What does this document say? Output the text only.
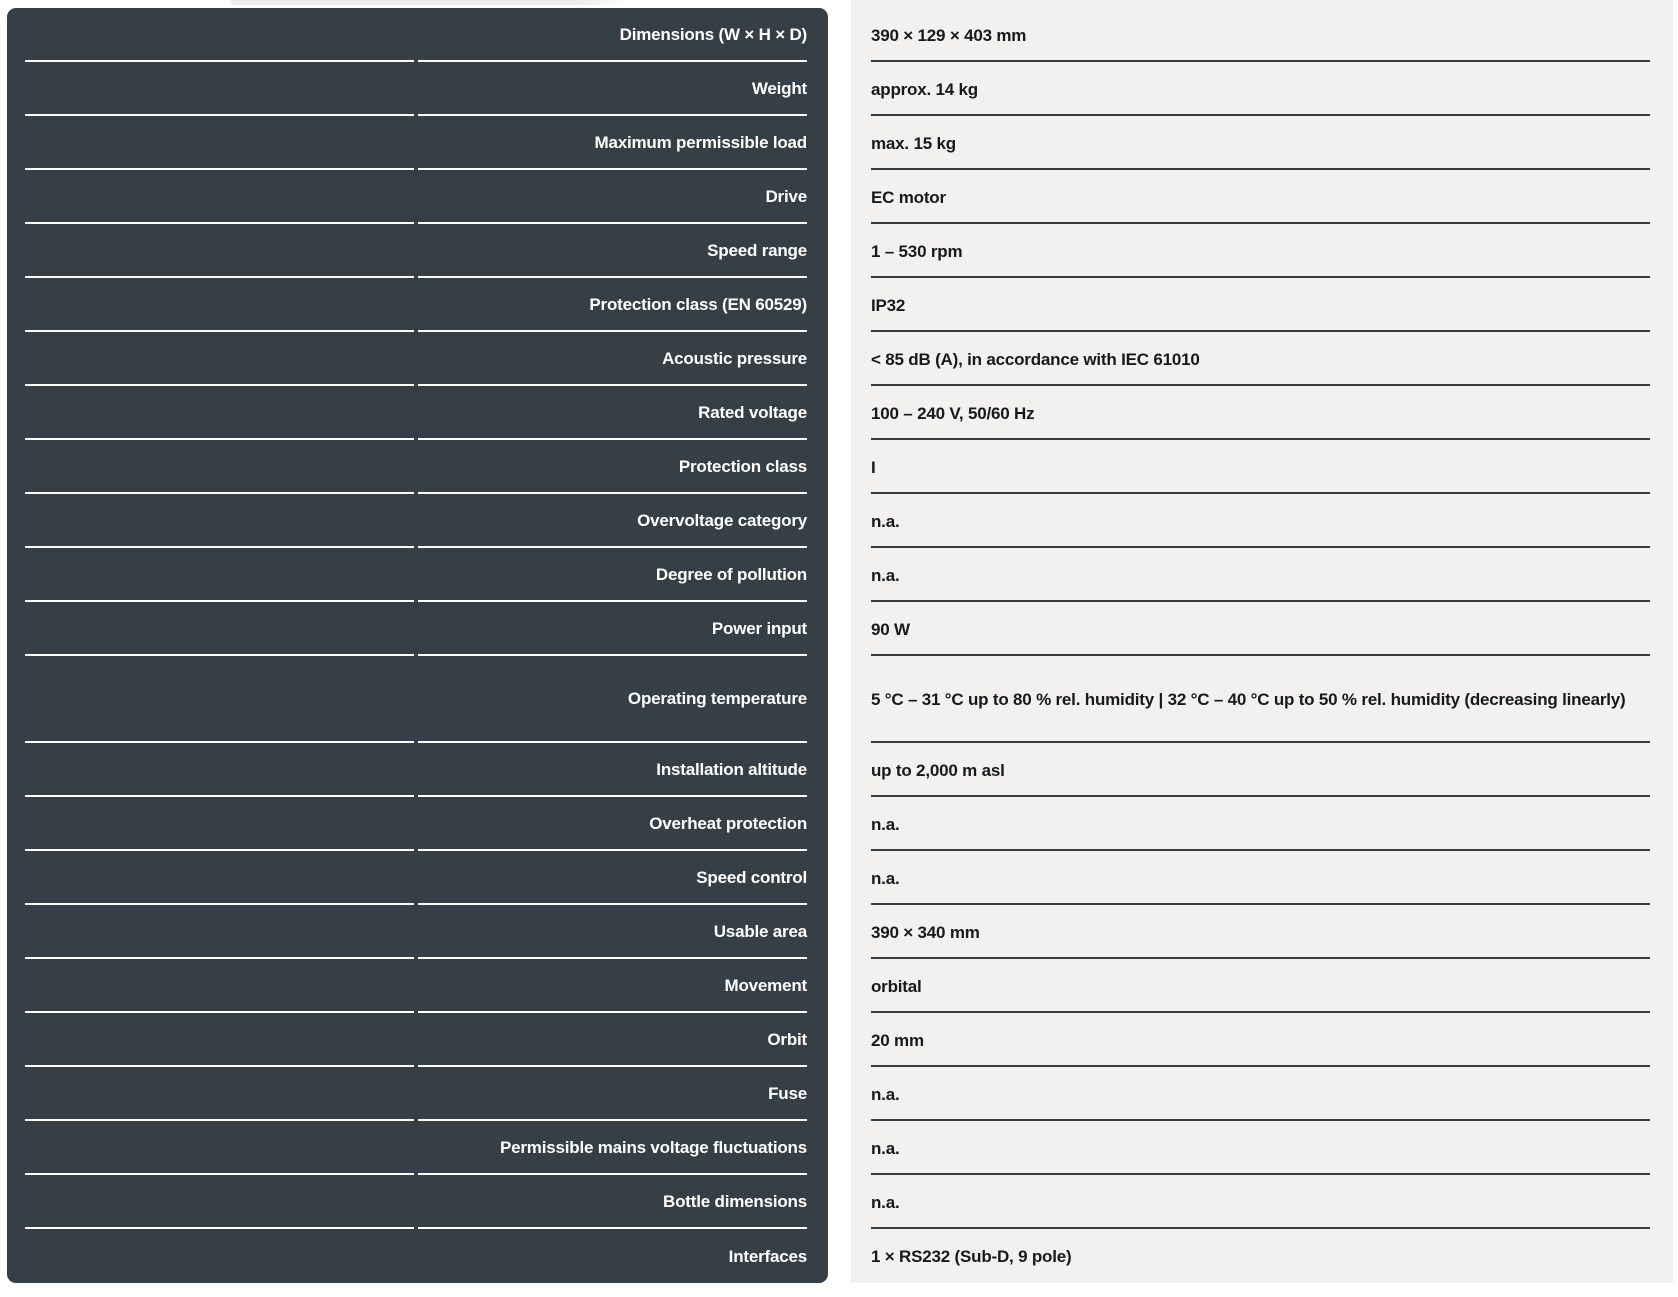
Dimensions (W × H × D)
Weight
Maximum permissible load
Drive
Speed range
Protection class (EN 60529)
Acoustic pressure
Rated voltage
Protection class
Overvoltage category
Degree of pollution
Power input
Operating temperature
Installation altitude
Overheat protection
Speed control
Usable area
Movement
Orbit
Fuse
Permissible mains voltage fluctuations
Bottle dimensions
Interfaces
390 × 129 × 403 mm
approx. 14 kg
max. 15 kg
EC motor
1 – 530 rpm
IP32
< 85 dB (A), in accordance with IEC 61010
100 – 240 V, 50/60 Hz
I
n.a.
n.a.
90 W
5 °C – 31 °C up to 80 % rel. humidity | 32 °C – 40 °C up to 50 % rel. humidity (decreasing linearly)
up to 2,000 m asl
n.a.
n.a.
390 × 340 mm
orbital
20 mm
n.a.
n.a.
n.a.
1 × RS232 (Sub-D, 9 pole)
